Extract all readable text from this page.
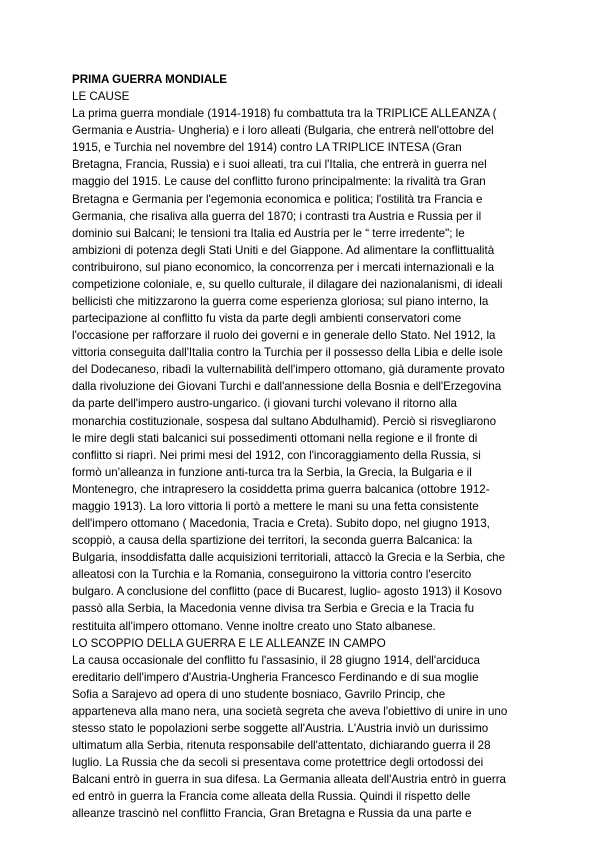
PRIMA GUERRA MONDIALE
LE CAUSE
La prima guerra mondiale (1914-1918) fu combattuta tra la TRIPLICE ALLEANZA (
Germania e Austria- Ungheria) e i loro alleati (Bulgaria, che entrerà nell'ottobre del
1915, e Turchia nel novembre del 1914) contro LA TRIPLICE INTESA (Gran
Bretagna, Francia, Russia) e i suoi alleati, tra cui l'Italia, che entrerà in guerra nel
maggio del 1915. Le cause del conflitto furono principalmente: la rivalità tra Gran
Bretagna e Germania per l'egemonia economica e politica; l'ostilità tra Francia e
Germania, che risaliva alla guerra del 1870; i contrasti tra Austria e Russia per il
dominio sui Balcani; le tensioni tra Italia ed Austria per le “ terre irredente"; le
ambizioni di potenza degli Stati Uniti e del Giappone. Ad alimentare la conflittualità
contribuirono, sul piano economico, la concorrenza per i mercati internazionali e la
competizione coloniale, e, su quello culturale, il dilagare dei nazionalanismi, di ideali
bellicisti che mitizzarono la guerra come esperienza gloriosa; sul piano interno, la
partecipazione al conflitto fu vista da parte degli ambienti conservatori come
l'occasione per rafforzare il ruolo dei governi e in generale dello Stato. Nel 1912, la
vittoria conseguita dall'Italia contro la Turchia per il possesso della Libia e delle isole
del Dodecaneso, ribadì la vulternabilità dell'impero ottomano, già duramente provato
dalla rivoluzione dei Giovani Turchi e dall'annessione della Bosnia e dell'Erzegovina
da parte dell'impero austro-ungarico. (i giovani turchi volevano il ritorno alla
monarchia costituzionale, sospesa dal sultano Abdulhamid). Perciò si risvegliarono
le mire degli stati balcanici sui possedimenti ottomani nella regione e il fronte di
conflitto si riaprì. Nei primi mesi del 1912, con l'incoraggiamento della Russia, si
formò un'alleanza in funzione anti-turca tra la Serbia, la Grecia, la Bulgaria e il
Montenegro, che intrapresero la cosiddetta prima guerra balcanica (ottobre 1912-
maggio 1913). La loro vittoria li portò a mettere le mani su una fetta consistente
dell'impero ottomano ( Macedonia, Tracia e Creta). Subito dopo, nel giugno 1913,
scoppiò, a causa della spartizione dei territori, la seconda guerra Balcanica: la
Bulgaria, insoddisfatta dalle acquisizioni territoriali, attaccò la Grecia e la Serbia, che
alleatosi con la Turchia e la Romania, conseguirono la vittoria contro l'esercito
bulgaro. A conclusione del conflitto (pace di Bucarest, luglio- agosto 1913) il Kosovo
passò alla Serbia, la Macedonia venne divisa tra Serbia e Grecia e la Tracia fu
restituita all'impero ottomano. Venne inoltre creato uno Stato albanese.
LO SCOPPIO DELLA GUERRA E LE ALLEANZE IN CAMPO
La causa occasionale del conflitto fu l'assasinio, il 28 giugno 1914, dell'arciduca
ereditario dell'impero d'Austria-Ungheria Francesco Ferdinando e di sua moglie
Sofia a Sarajevo ad opera di uno studente bosniaco, Gavrilo Princip, che
apparteneva alla mano nera, una società segreta che aveva l'obiettivo di unire in uno
stesso stato le popolazioni serbe soggette all'Austria. L'Austria inviò un durissimo
ultimatum alla Serbia, ritenuta responsabile dell'attentato, dichiarando guerra il 28
luglio. La Russia che da secoli si presentava come protettrice degli ortodossi dei
Balcani entrò in guerra in sua difesa. La Germania alleata dell'Austria entrò in guerra
ed entrò in guerra la Francia come alleata della Russia. Quindi il rispetto delle
alleanze trascinò nel conflitto Francia, Gran Bretagna e Russia da una parte e
